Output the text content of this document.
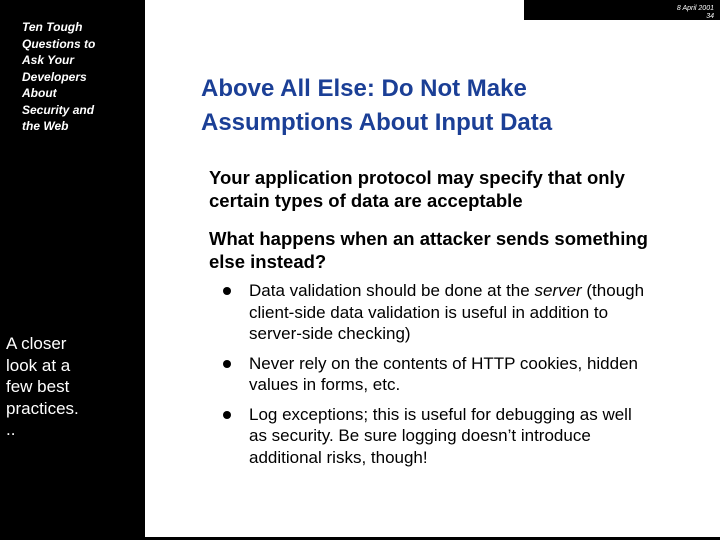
Ten Tough
Questions to
Ask Your
Developers
About
Security and
the Web
A closer
look at a
few best
practices.
..
8 April 2001
34
Above All Else: Do Not Make Assumptions About Input Data

Your application protocol may specify that only certain types of data are acceptable

What happens when an attacker sends something else instead?

Data validation should be done at the server (though client-side data validation is useful in addition to server-side checking)
Never rely on the contents of HTTP cookies, hidden values in forms, etc.
Log exceptions; this is useful for debugging as well as security. Be sure logging doesn’t introduce additional risks, though!
